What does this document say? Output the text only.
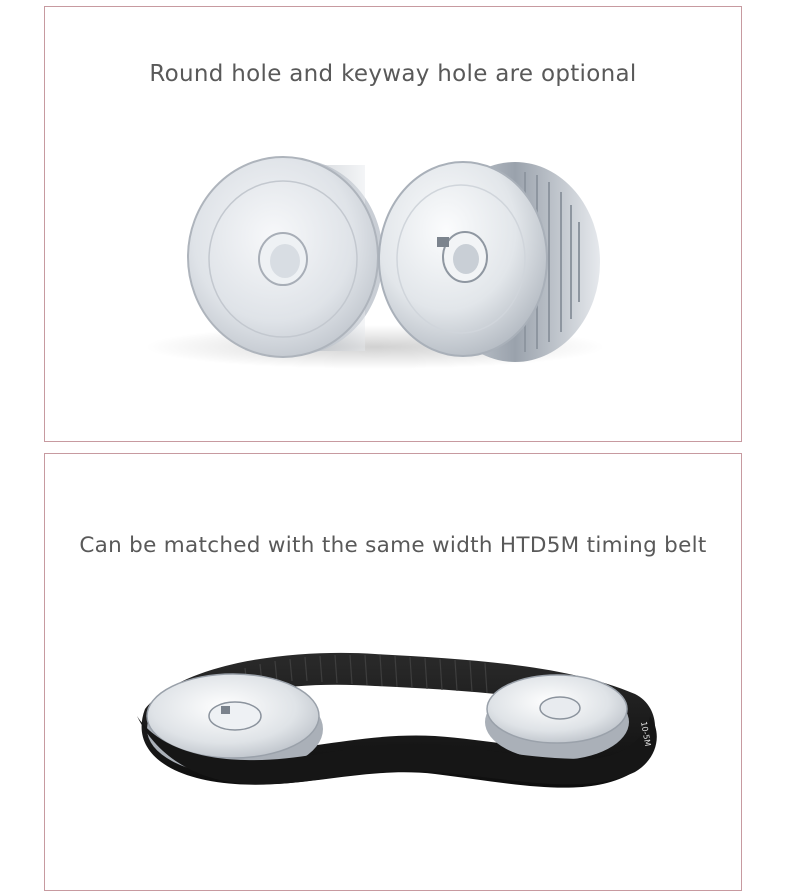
Round hole and keyway hole are optional
Can be matched with the same width HTD5M timing belt
10-5M
